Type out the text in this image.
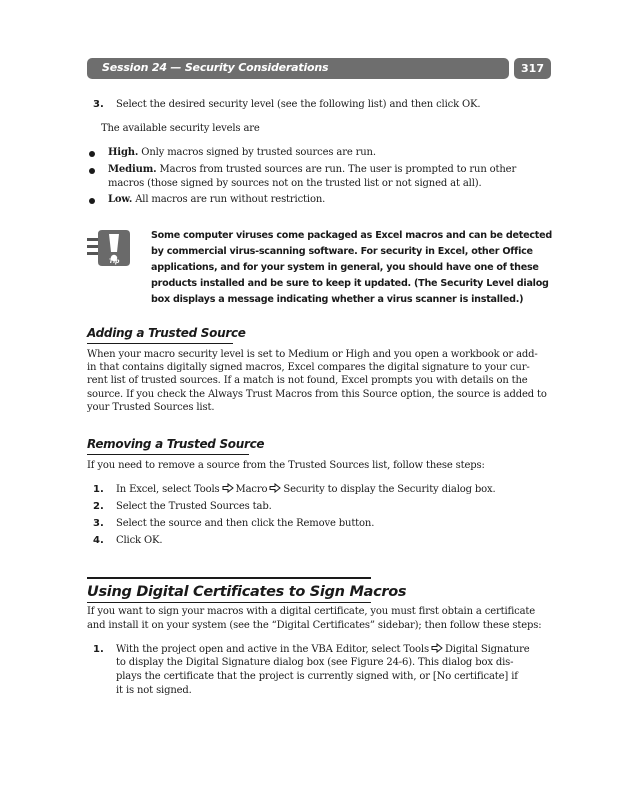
Session 24 — Security Considerations	317
3. Select the desired security level (see the following list) and then click OK.
The available security levels are
High. Only macros signed by trusted sources are run.
Medium. Macros from trusted sources are run. The user is prompted to run other
macros (those signed by sources not on the trusted list or not signed at all).
Low. All macros are run without restriction.
Tip
Some computer viruses come packaged as Excel macros and can be detected
by commercial virus-scanning software. For security in Excel, other Office
applications, and for your system in general, you should have one of these
products installed and be sure to keep it updated. (The Security Level dialog
box displays a message indicating whether a virus scanner is installed.)
Adding a Trusted Source
When your macro security level is set to Medium or High and you open a workbook or add-
in that contains digitally signed macros, Excel compares the digital signature to your cur-
rent list of trusted sources. If a match is not found, Excel prompts you with details on the
source. If you check the Always Trust Macros from this Source option, the source is added to
your Trusted Sources list.
Removing a Trusted Source
If you need to remove a source from the Trusted Sources list, follow these steps:
1. In Excel, select Tools Macro Security to display the Security dialog box.
2. Select the Trusted Sources tab.
3. Select the source and then click the Remove button.
4. Click OK.
Using Digital Certificates to Sign Macros
If you want to sign your macros with a digital certificate, you must first obtain a certificate
and install it on your system (see the “Digital Certificates” sidebar); then follow these steps:
1. With the project open and active in the VBA Editor, select Tools Digital Signature
to display the Digital Signature dialog box (see Figure 24-6). This dialog box dis-
plays the certificate that the project is currently signed with, or [No certificate] if
it is not signed.
